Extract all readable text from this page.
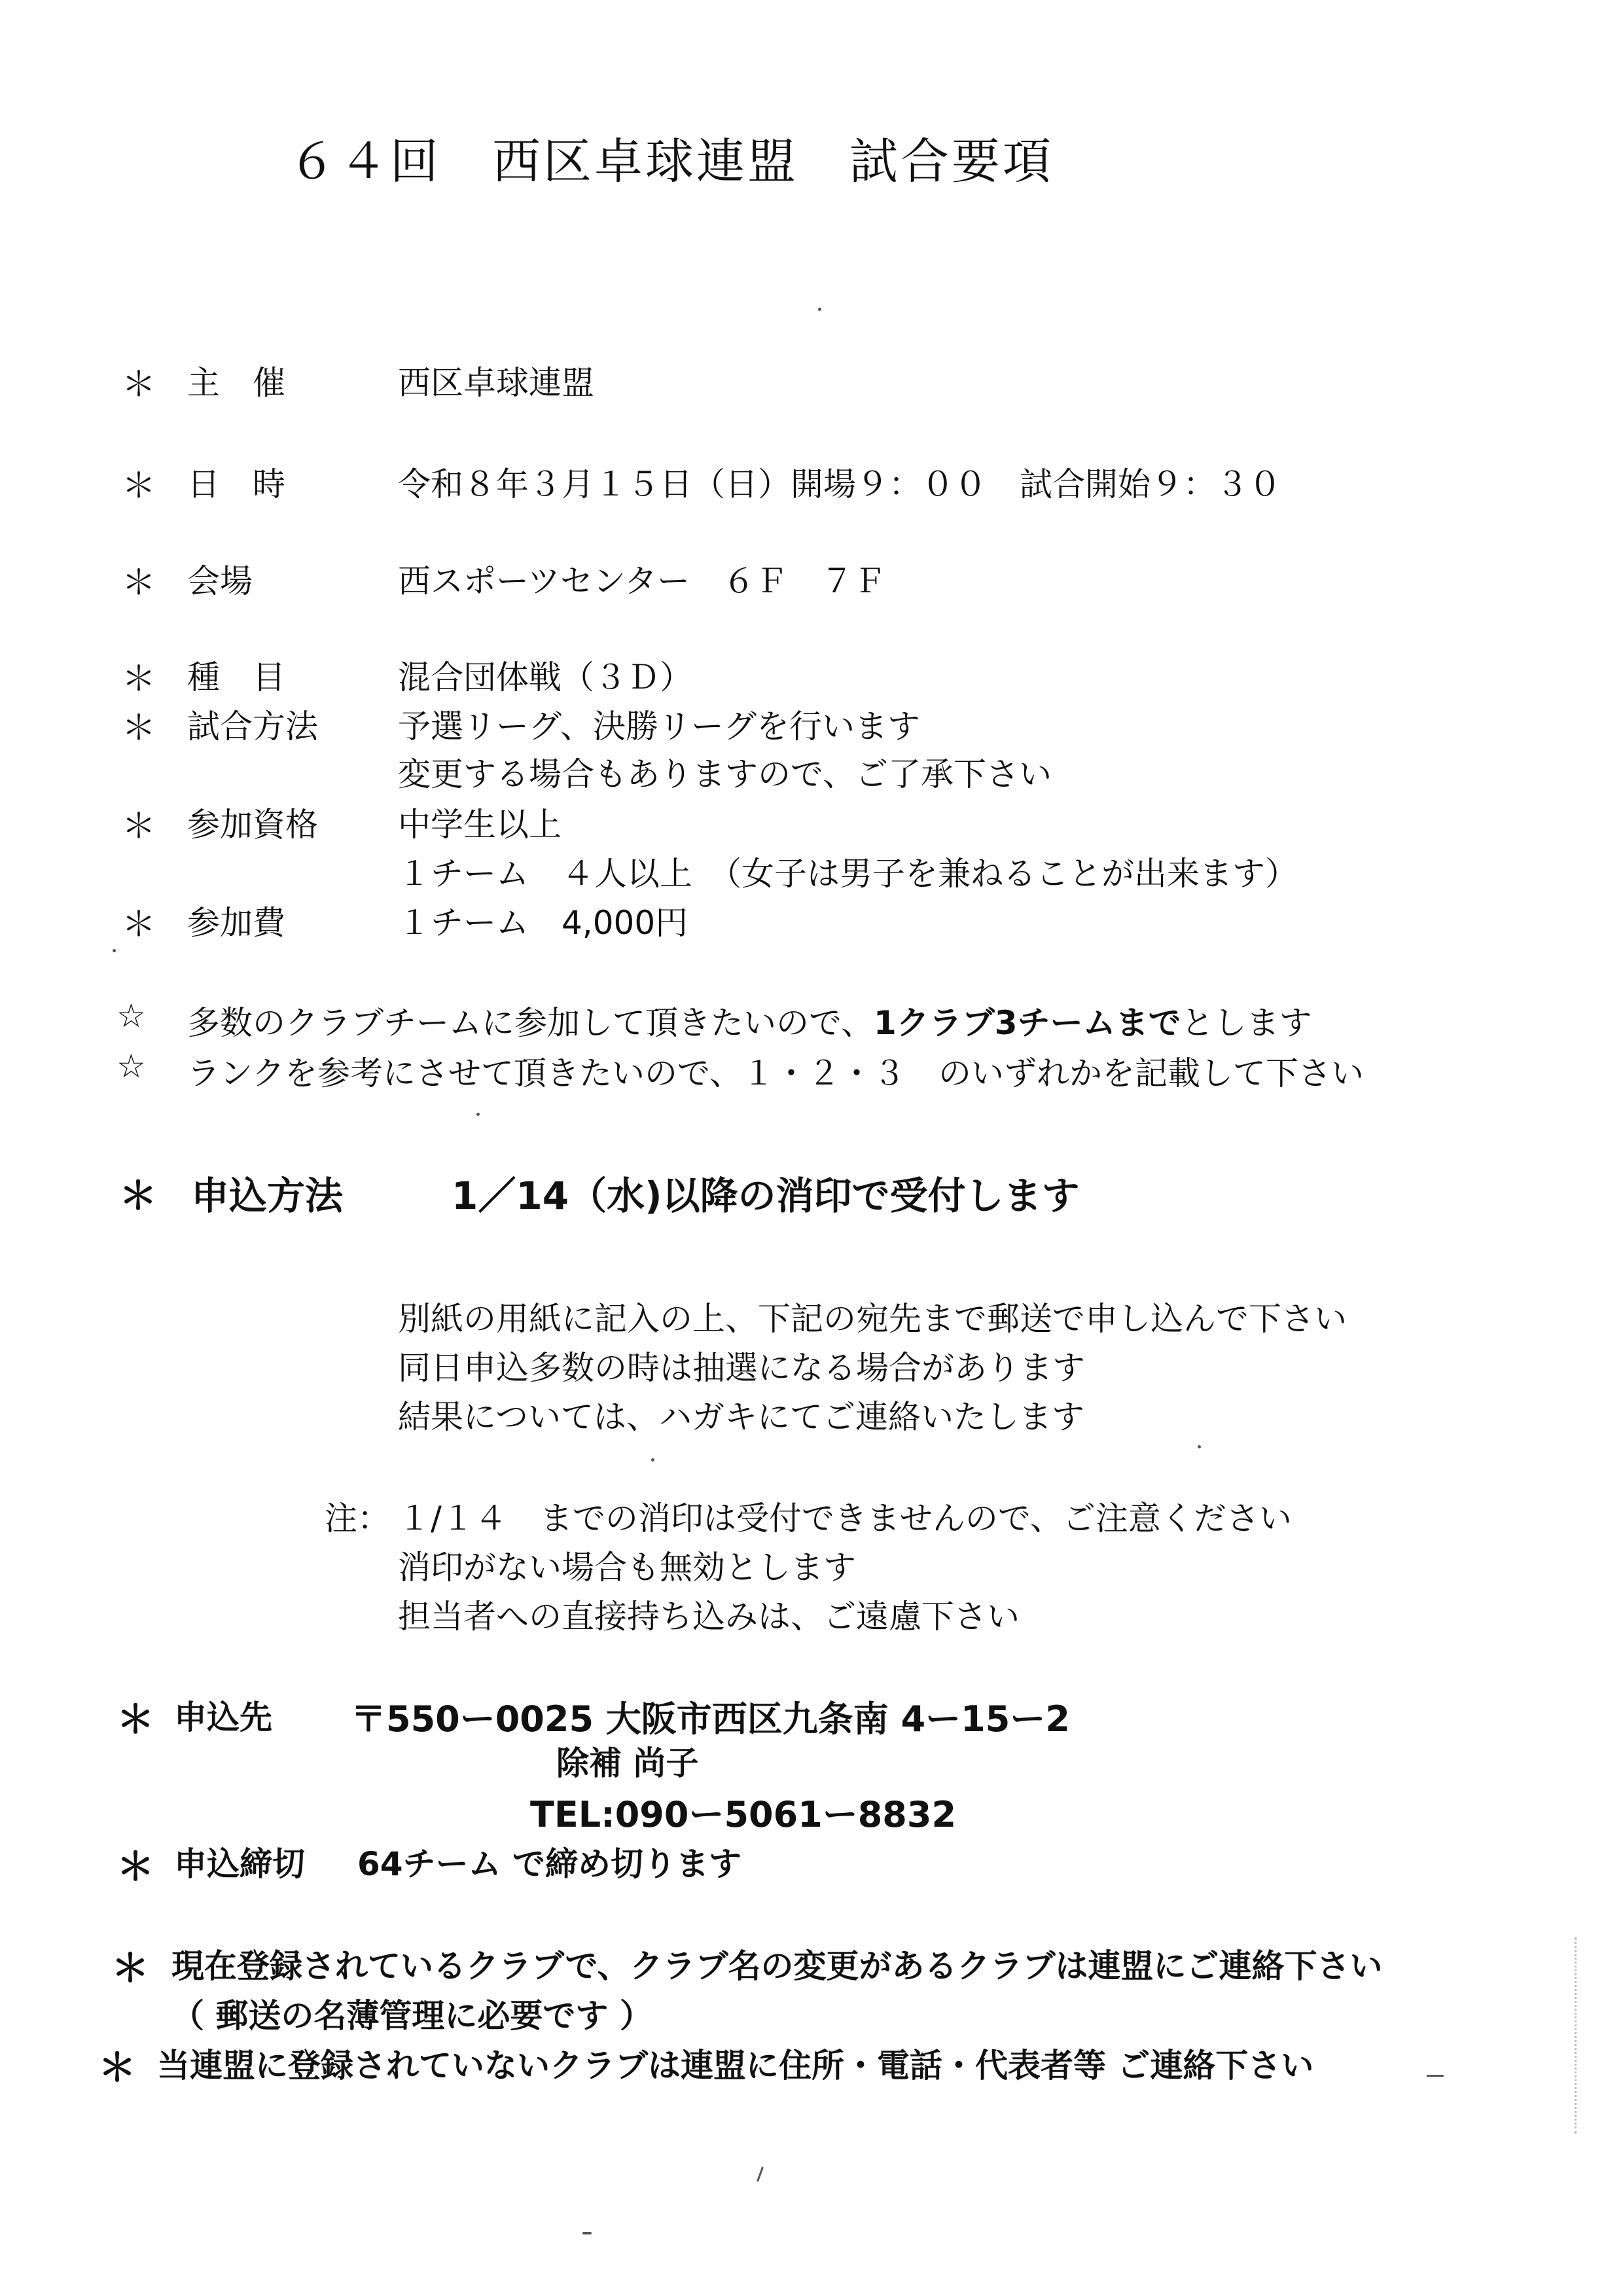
６４回　西区卓球連盟　試合要項
＊ 主　催	西区卓球連盟
＊ 日　時	令和８年３月１５日（日）開場９：００　試合開始９：３０
＊ 会場	西スポーツセンター　６Ｆ　７Ｆ
＊ 種　目	混合団体戦（３Ｄ）
＊ 試合方法 予選リーグ、決勝リーグを行います
変更する場合もありますので、ご了承下さい
＊ 参加資格 中学生以上
１チーム　４人以上　（女子は男子を兼ねることが出来ます）
＊ 参加費	１チーム　4,000円
☆ 多数のクラブチームに参加して頂きたいので、1クラブ3チームまでとします
☆ ランクを参考にさせて頂きたいので、１・２・３　のいずれかを記載して下さい
＊ 申込方法	1／14（水)以降の消印で受付します
別紙の用紙に記入の上、下記の宛先まで郵送で申し込んで下さい
同日申込多数の時は抽選になる場合があります
結果については、ハガキにてご連絡いたします
注： １/１４　までの消印は受付できませんので、ご注意ください
消印がない場合も無効とします
担当者への直接持ち込みは、ご遠慮下さい
＊ 申込先 〒550ー0025 大阪市西区九条南 4ー15ー2
除補 尚子
TEL:090ー5061ー8832
＊ 申込締切 64チーム で締め切ります
＊ 現在登録されているクラブで、クラブ名の変更があるクラブは連盟にご連絡下さい
（ 郵送の名薄管理に必要です ）
＊ 当連盟に登録されていないクラブは連盟に住所・電話・代表者等 ご連絡下さい
